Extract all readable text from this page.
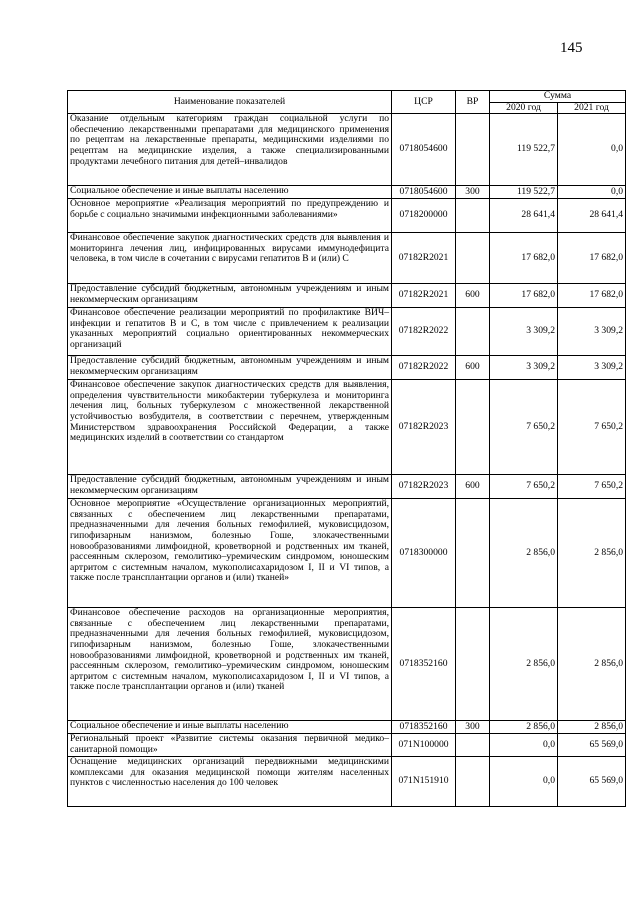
145
Наименование показателей	ЦСР	ВР	Сумма	
			2020 год	2021 год
Оказание отдельным категориям граждан социальной услуги по обеспечению лекарственными препаратами для медицинского применения по рецептам на лекарственные препараты, медицинскими изделиями по рецептам на медицинские изделия, а также специализированными продуктами лечебного питания для детей–инвалидов	0718054600		119 522,7	0,0
Социальное обеспечение и иные выплаты населению	0718054600	300	119 522,7	0,0
Основное мероприятие «Реализация мероприятий по предупреждению и борьбе с социально значимыми инфекционными заболеваниями»	0718200000		28 641,4	28 641,4
Финансовое обеспечение закупок диагностических средств для выявления и мониторинга лечения лиц, инфицированных вирусами иммунодефицита человека, в том числе в сочетании с вирусами гепатитов В и (или) С	07182R2021		17 682,0	17 682,0
Предоставление субсидий бюджетным, автономным учреждениям и иным некоммерческим организациям	07182R2021	600	17 682,0	17 682,0
Финансовое обеспечение реализации мероприятий по профилактике ВИЧ–инфекции и гепатитов В и С, в том числе с привлечением к реализации указанных мероприятий социально ориентированных некоммерческих организаций	07182R2022		3 309,2	3 309,2
Предоставление субсидий бюджетным, автономным учреждениям и иным некоммерческим организациям	07182R2022	600	3 309,2	3 309,2
Финансовое обеспечение закупок диагностических средств для выявления, определения чувствительности микобактерии туберкулеза и мониторинга лечения лиц, больных туберкулезом с множественной лекарственной устойчивостью возбудителя, в соответствии с перечнем, утвержденным Министерством здравоохранения Российской Федерации, а также медицинских изделий в соответствии со стандартом	07182R2023		7 650,2	7 650,2
Предоставление субсидий бюджетным, автономным учреждениям и иным некоммерческим организациям	07182R2023	600	7 650,2	7 650,2
Основное мероприятие «Осуществление организационных мероприятий, связанных с обеспечением лиц лекарственными препаратами, предназначенными для лечения больных гемофилией, муковисцидозом, гипофизарным нанизмом, болезнью Гоше, злокачественными новообразованиями лимфоидной, кроветворной и родственных им тканей, рассеянным склерозом, гемолитико–уремическим синдромом, юношеским артритом с системным началом, мукополисахаридозом I, II и VI типов, а также после трансплантации органов и (или) тканей»	0718300000		2 856,0	2 856,0
Финансовое обеспечение расходов на организационные мероприятия, связанные с обеспечением лиц лекарственными препаратами, предназначенными для лечения больных гемофилией, муковисцидозом, гипофизарным нанизмом, болезнью Гоше, злокачественными новообразованиями лимфоидной, кроветворной и родственных им тканей, рассеянным склерозом, гемолитико–уремическим синдромом, юношеским артритом с системным началом, мукополисахаридозом I, II и VI типов, а также после трансплантации органов и (или) тканей	0718352160		2 856,0	2 856,0
Социальное обеспечение и иные выплаты населению	0718352160	300	2 856,0	2 856,0
Региональный проект «Развитие системы оказания первичной медико–санитарной помощи»	071N100000		0,0	65 569,0
Оснащение медицинских организаций передвижными медицинскими комплексами для оказания медицинской помощи жителям населенных пунктов с численностью населения до 100 человек	071N151910		0,0	65 569,0
